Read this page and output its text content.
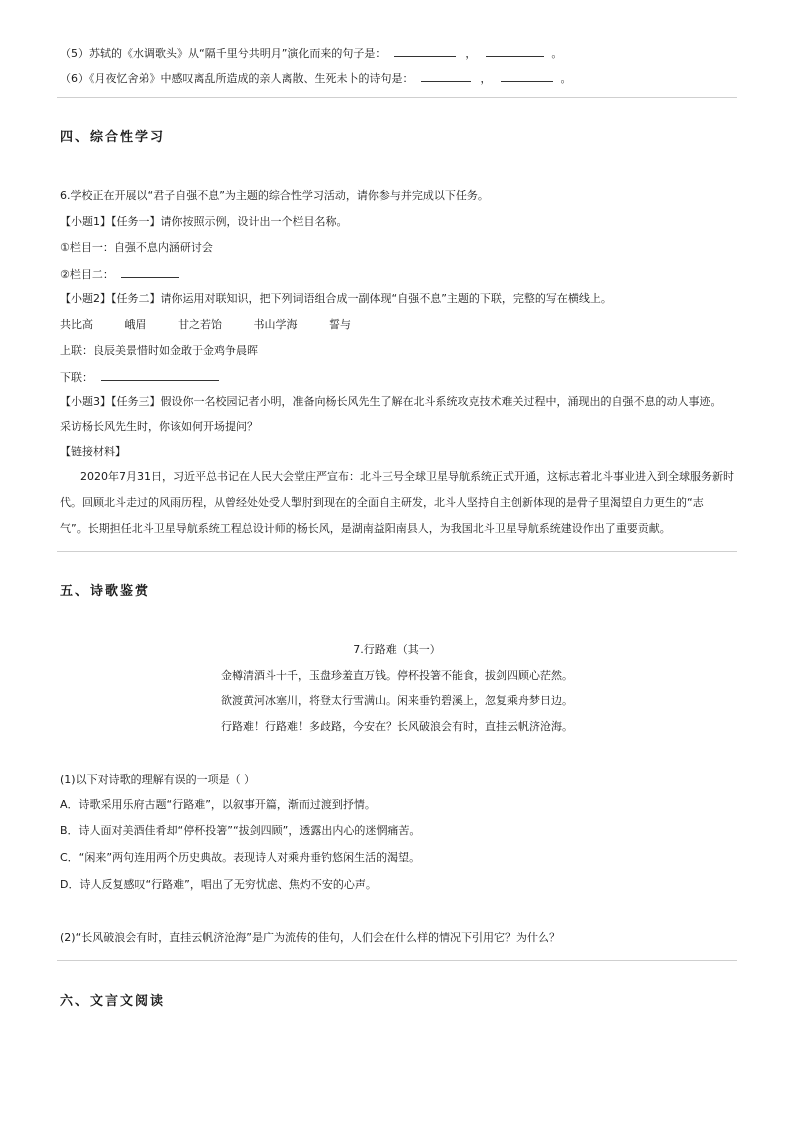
（5）苏轼的《水调歌头》从“隔千里兮共明月”演化而来的句子是：	，	。
（6）《月夜忆舍弟》中感叹离乱所造成的亲人离散、生死未卜的诗句是：	，	。
四、综合性学习
6.学校正在开展以“君子自强不息”为主题的综合性学习活动，请你参与并完成以下任务。
【小题1】【任务一】请你按照示例，设计出一个栏目名称。
①栏目一：自强不息内涵研讨会
②栏目二：
【小题2】【任务二】请你运用对联知识，把下列词语组合成一副体现“自强不息”主题的下联，完整的写在横线上。
共比高	峨眉	甘之若饴	书山学海	誓与
上联：良辰美景惜时如金敢于金鸡争晨晖
下联：
【小题3】【任务三】假设你一名校园记者小明，准备向杨长风先生了解在北斗系统攻克技术难关过程中，涌现出的自强不息的动人事迹。
采访杨长风先生时，你该如何开场提问？
【链接材料】
2020年7月31日，习近平总书记在人民大会堂庄严宣布：北斗三号全球卫星导航系统正式开通，这标志着北斗事业进入到全球服务新时
代。回顾北斗走过的风雨历程，从曾经处处受人掣肘到现在的全面自主研发，北斗人坚持自主创新体现的是骨子里渴望自力更生的“志
气”。长期担任北斗卫星导航系统工程总设计师的杨长风，是湖南益阳南县人，为我国北斗卫星导航系统建设作出了重要贡献。
五、诗歌鉴赏
7.行路难（其一）
金樽清酒斗十千，玉盘珍羞直万钱。停杯投箸不能食，拔剑四顾心茫然。
欲渡黄河冰塞川，将登太行雪满山。闲来垂钓碧溪上，忽复乘舟梦日边。
行路难！行路难！多歧路，今安在？长风破浪会有时，直挂云帆济沧海。
(1)以下对诗歌的理解有误的一项是（ ）
A．诗歌采用乐府古题“行路难”，以叙事开篇，渐而过渡到抒情。
B．诗人面对美酒佳肴却“停杯投箸”“拔剑四顾”，透露出内心的迷惘痛苦。
C．“闲来”两句连用两个历史典故。表现诗人对乘舟垂钓悠闲生活的渴望。
D．诗人反复感叹“行路难”，唱出了无穷忧虑、焦灼不安的心声。
(2)“长风破浪会有时，直挂云帆济沧海”是广为流传的佳句，人们会在什么样的情况下引用它？为什么？
六、文言文阅读
